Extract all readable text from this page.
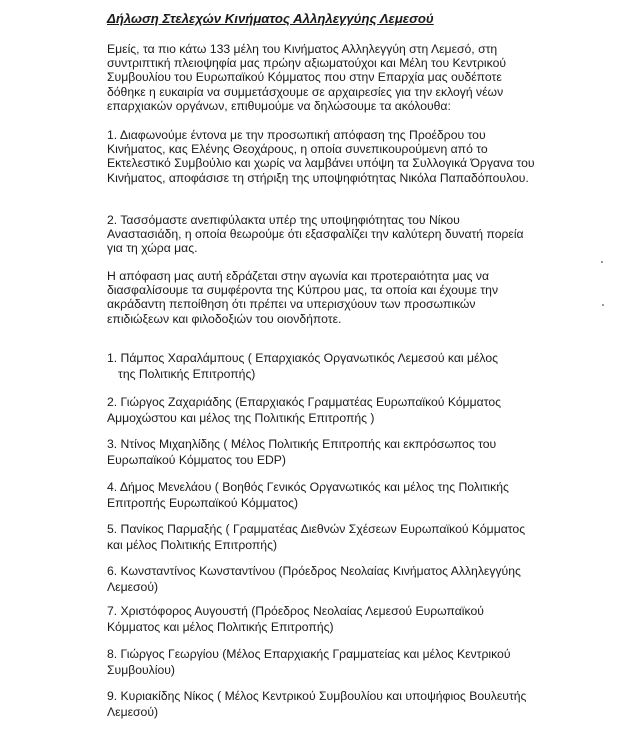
Δήλωση Στελεχών Κινήματος Αλληλεγγύης Λεμεσού

Εμείς, τα πιο κάτω 133 μέλη του Κινήματος Αλληλεγγύη στη Λεμεσό, στη συντριπτική πλειοψηφία μας πρώην αξιωματούχοι και Μέλη του Κεντρικού Συμβουλίου του Ευρωπαϊκού Κόμματος που στην Επαρχία μας ουδέποτε δόθηκε η ευκαιρία να συμμετάσχουμε σε αρχαιρεσίες για την εκλογή νέων επαρχιακών οργάνων, επιθυμούμε να δηλώσουμε τα ακόλουθα:

1. Διαφωνούμε έντονα με την προσωπική απόφαση της Προέδρου του Κινήματος, κας Ελένης Θεοχάρους, η οποία συνεπικουρούμενη από το Εκτελεστικό Συμβούλιο και χωρίς να λαμβάνει υπόψη τα Συλλογικά Όργανα του Κινήματος, αποφάσισε τη στήριξη της υποψηφιότητας Νικόλα Παπαδόπουλου.

2. Τασσόμαστε ανεπιφύλακτα υπέρ της υποψηφιότητας του Νίκου Αναστασιάδη, η οποία θεωρούμε ότι εξασφαλίζει την καλύτερη δυνατή πορεία για τη χώρα μας.

Η απόφαση μας αυτή εδράζεται στην αγωνία και προτεραιότητα μας να διασφαλίσουμε τα συμφέροντα της Κύπρου μας, τα οποία και έχουμε την ακράδαντη πεποίθηση ότι πρέπει να υπερισχύουν των προσωπικών επιδιώξεων και φιλοδοξιών του οιονδήποτε.

1. Πάμπος Χαραλάμπους ( Επαρχιακός Οργανωτικός Λεμεσού και μέλος
της Πολιτικής Επιτροπής)
2. Γιώργος Ζαχαριάδης (Επαρχιακός Γραμματέας Ευρωπαϊκού Κόμματος
Αμμοχώστου και μέλος της Πολιτικής Επιτροπής )
3. Ντίνος Μιχαηλίδης ( Μέλος Πολιτικής Επιτροπής και εκπρόσωπος του
Ευρωπαϊκού Κόμματος του EDP)
4. Δήμος Μενελάου ( Βοηθός Γενικός Οργανωτικός και μέλος της Πολιτικής
Επιτροπής Ευρωπαϊκού Κόμματος)
5. Πανίκος Παρμαξής ( Γραμματέας Διεθνών Σχέσεων Ευρωπαϊκού Κόμματος
και μέλος Πολιτικής Επιτροπής)
6. Κωνσταντίνος Κωνσταντίνου (Πρόεδρος Νεολαίας Κινήματος Αλληλεγγύης
Λεμεσού)
7. Χριστόφορος Αυγουστή (Πρόεδρος Νεολαίας Λεμεσού Ευρωπαϊκού
Κόμματος και μέλος Πολιτικής Επιτροπής)
8. Γιώργος Γεωργίου (Μέλος Επαρχιακής Γραμματείας και μέλος Κεντρικού
Συμβουλίου)
9. Κυριακίδης Νίκος ( Μέλος Κεντρικού Συμβουλίου και υποψήφιος Βουλευτής
Λεμεσού)
